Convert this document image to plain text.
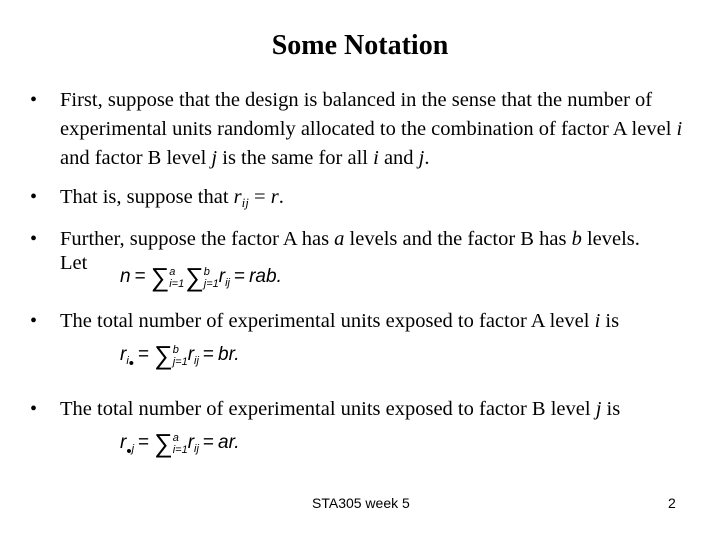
Some Notation
• First, suppose that the design is balanced in the sense that the number of experimental units randomly allocated to the combination of factor A level i and factor B level j is the same for all i and j.
• That is, suppose that $r_{ij} = r$.
• Further, suppose the factor A has a levels and the factor B has b levels.
Let
n = ∑ a
i=1 ∑ b
j=1 $r_{ij}$ = rab.
• The total number of experimental units exposed to factor A level i is
$r_{i•}$ = ∑ b
j=1 $r_{ij}$ = br.
• The total number of experimental units exposed to factor B level j is
$r_{•j}$ = ∑ a
i=1 $r_{ij}$ = ar.
STA305 week 5	2
